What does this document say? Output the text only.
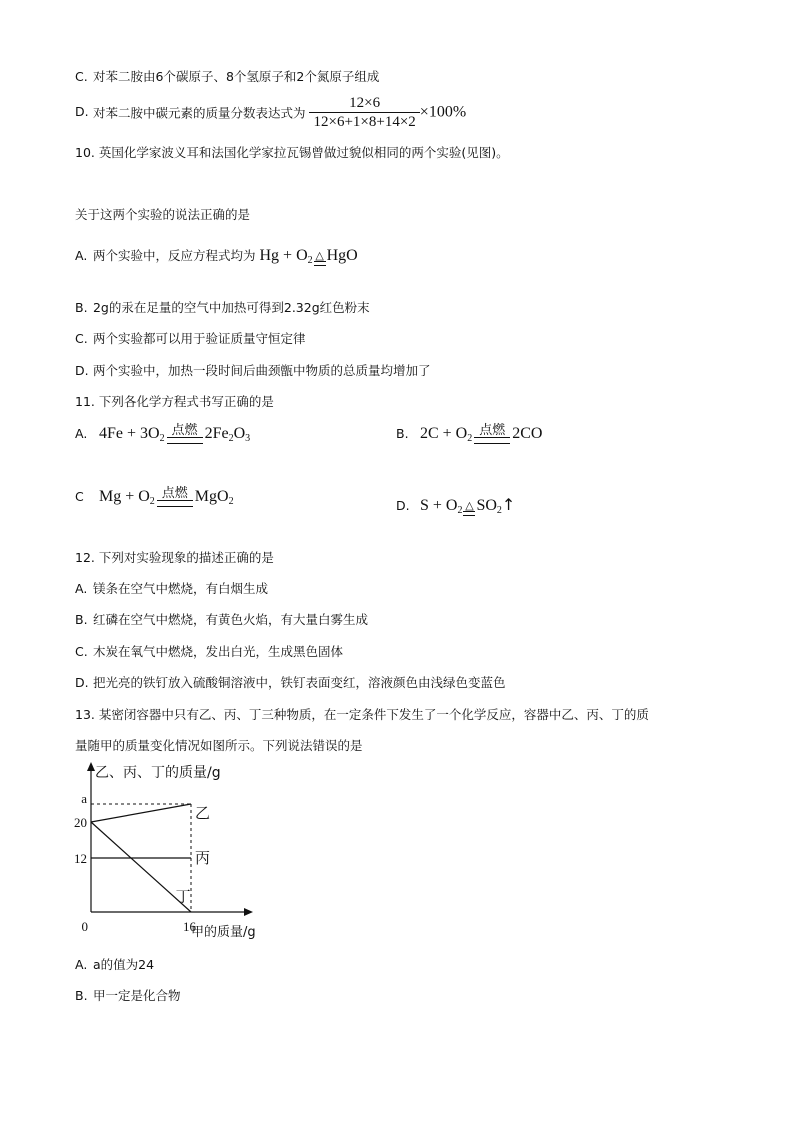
C. 对苯二胺由6个碳原子、8个氢原子和2个氮原子组成
D. 对苯二胺中碳元素的质量分数表达式为 $\frac{12\times 6}{12\times 6+1\times 8+14\times 2} \times 100\%$
10. 英国化学家波义耳和法国化学家拉瓦锡曾做过貌似相同的两个实验(见图)。
关于这两个实验的说法正确的是
A. 两个实验中，反应方程式均为 $Hg + O_2$ △ HgO
B. 2g的汞在足量的空气中加热可得到2.32g红色粉末
C. 两个实验都可以用于验证质量守恒定律
D. 两个实验中，加热一段时间后曲颈甑中物质的总质量均增加了
11. 下列各化学方程式书写正确的是
A. $4Fe + 3O_2$
点燃 $2Fe_2O_3$	B. $2C + O_2$
点燃 2CO
C $Mg + O_2$
点燃 MgO$_2$	D. $S + O_2$ △ $SO_2↑$
12. 下列对实验现象的描述正确的是
A. 镁条在空气中燃烧，有白烟生成
B. 红磷在空气中燃烧，有黄色火焰，有大量白雾生成
C. 木炭在氧气中燃烧，发出白光，生成黑色固体
D. 把光亮的铁钉放入硫酸铜溶液中，铁钉表面变红，溶液颜色由浅绿色变蓝色
13. 某密闭容器中只有乙、丙、丁三种物质，在一定条件下发生了一个化学反应，容器中乙、丙、丁的质
量随甲的质量变化情况如图所示。下列说法错误的是
乙、丙、丁的质量/g
甲的质量/g
0
a
20
12
16
乙
丙
丁
A. a的值为24
B. 甲一定是化合物
